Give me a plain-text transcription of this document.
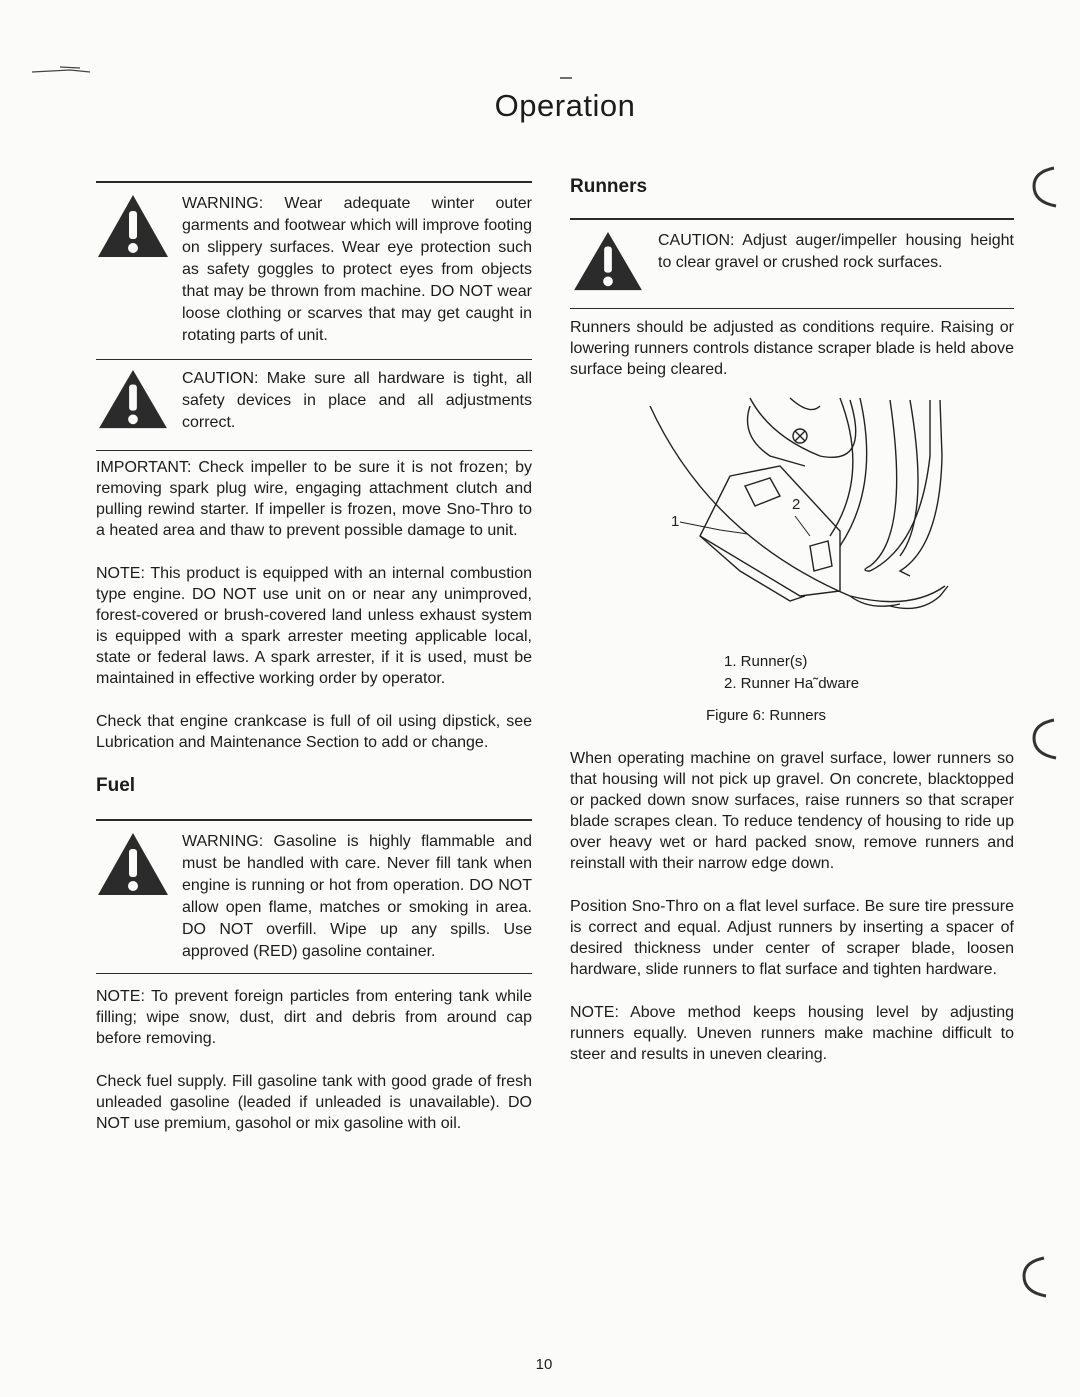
Operation

WARNING: Wear adequate winter outer garments and footwear which will improve footing on slippery surfaces. Wear eye protection such as safety goggles to protect eyes from objects that may be thrown from machine. DO NOT wear loose clothing or scarves that may get caught in rotating parts of unit.

CAUTION: Make sure all hardware is tight, all safety devices in place and all adjustments correct.

IMPORTANT: Check impeller to be sure it is not frozen; by removing spark plug wire, engaging attachment clutch and pulling rewind starter. If impeller is frozen, move Sno-Thro to a heated area and thaw to prevent possible damage to unit.

NOTE: This product is equipped with an internal combustion type engine. DO NOT use unit on or near any unimproved, forest-covered or brush-covered land unless exhaust system is equipped with a spark arrester meeting applicable local, state or federal laws. A spark arrester, if it is used, must be maintained in effective working order by operator.

Check that engine crankcase is full of oil using dipstick, see Lubrication and Maintenance Section to add or change.

Fuel

WARNING: Gasoline is highly flammable and must be handled with care. Never fill tank when engine is running or hot from operation. DO NOT allow open flame, matches or smoking in area. DO NOT overfill. Wipe up any spills. Use approved (RED) gasoline container.

NOTE: To prevent foreign particles from entering tank while filling; wipe snow, dust, dirt and debris from around cap before removing.

Check fuel supply. Fill gasoline tank with good grade of fresh unleaded gasoline (leaded if unleaded is unavailable). DO NOT use premium, gasohol or mix gasoline with oil.

Runners

CAUTION: Adjust auger/impeller housing height to clear gravel or crushed rock surfaces.

Runners should be adjusted as conditions require. Raising or lowering runners controls distance scraper blade is held above surface being cleared.

1
2
1. Runner(s)
2. Runner Ha˜dware
Figure 6: Runners

When operating machine on gravel surface, lower runners so that housing will not pick up gravel. On concrete, blacktopped or packed down snow surfaces, raise runners so that scraper blade scrapes clean. To reduce tendency of housing to ride up over heavy wet or hard packed snow, remove runners and reinstall with their narrow edge down.

Position Sno-Thro on a flat level surface. Be sure tire pressure is correct and equal. Adjust runners by inserting a spacer of desired thickness under center of scraper blade, loosen hardware, slide runners to flat surface and tighten hardware.

NOTE: Above method keeps housing level by adjusting runners equally. Uneven runners make machine difficult to steer and results in uneven clearing.

10
